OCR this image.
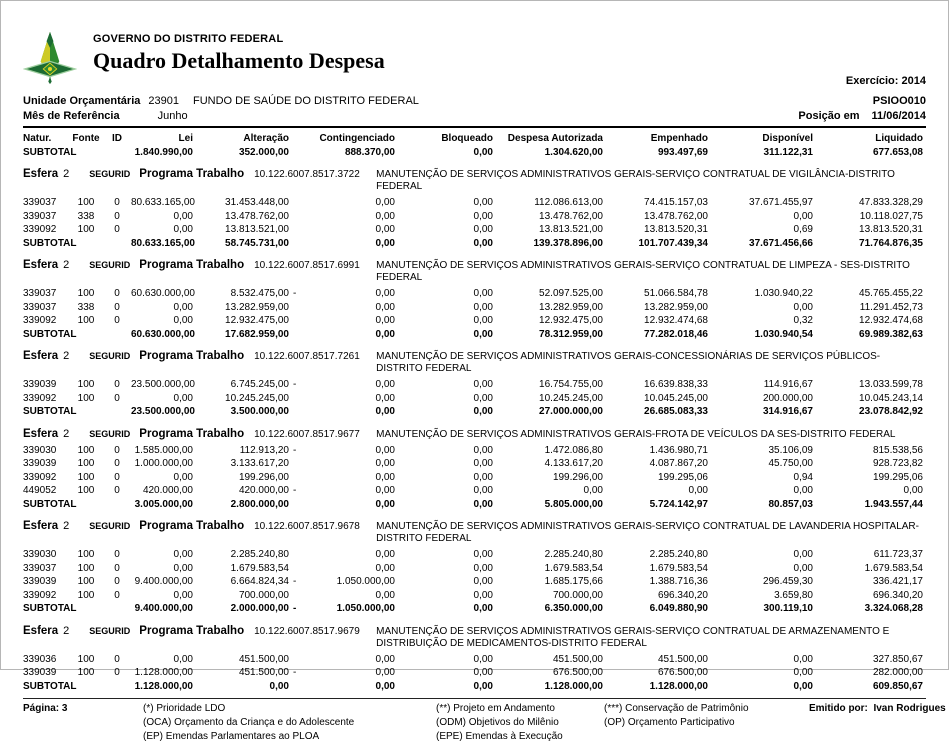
GOVERNO DO DISTRITO FEDERAL
Quadro Detalhamento Despesa
Exercício: 2014
Unidade Orçamentária 23901 FUNDO DE SAÚDE DO DISTRITO FEDERAL	PSIOO010
Mês de Referência	Junho	Posição em 11/06/2014
Natur.	Fonte	ID	Lei	Alteração	Contingenciado	Bloqueado	Despesa Autorizada	Empenhado	Disponível	Liquidado
SUBTOTAL	1.840.990,00	352.000,00	888.370,00	0,00	1.304.620,00	993.497,69	311.122,31	677.653,08
Esfera 2 SEGURID Programa Trabalho 10.122.6007.8517.3722	MANUTENÇÃO DE SERVIÇOS ADMINISTRATIVOS GERAIS-SERVIÇO CONTRATUAL DE VIGILÂNCIA-DISTRITO FEDERAL
339037	100	0	80.633.165,00	31.453.448,00	0,00	0,00	112.086.613,00	74.415.157,03	37.671.455,97	47.833.328,29
339037	338	0	0,00	13.478.762,00	0,00	0,00	13.478.762,00	13.478.762,00	0,00	10.118.027,75
339092	100	0	0,00	13.813.521,00	0,00	0,00	13.813.521,00	13.813.520,31	0,69	13.813.520,31
SUBTOTAL	80.633.165,00	58.745.731,00	0,00	0,00	139.378.896,00	101.707.439,34	37.671.456,66	71.764.876,35
Esfera 2 SEGURID Programa Trabalho 10.122.6007.8517.6991	MANUTENÇÃO DE SERVIÇOS ADMINISTRATIVOS GERAIS-SERVIÇO CONTRATUAL DE LIMPEZA - SES-DISTRITO FEDERAL
339037	100	0	60.630.000,00	8.532.475,00 -	0,00	0,00	52.097.525,00	51.066.584,78	1.030.940,22	45.765.455,22
339037	338	0	0,00	13.282.959,00	0,00	0,00	13.282.959,00	13.282.959,00	0,00	11.291.452,73
339092	100	0	0,00	12.932.475,00	0,00	0,00	12.932.475,00	12.932.474,68	0,32	12.932.474,68
SUBTOTAL	60.630.000,00	17.682.959,00	0,00	0,00	78.312.959,00	77.282.018,46	1.030.940,54	69.989.382,63
Esfera 2 SEGURID Programa Trabalho 10.122.6007.8517.7261	MANUTENÇÃO DE SERVIÇOS ADMINISTRATIVOS GERAIS-CONCESSIONÁRIAS DE SERVIÇOS PÚBLICOS-DISTRITO FEDERAL
339039	100	0	23.500.000,00	6.745.245,00 -	0,00	0,00	16.754.755,00	16.639.838,33	114.916,67	13.033.599,78
339092	100	0	0,00	10.245.245,00	0,00	0,00	10.245.245,00	10.045.245,00	200.000,00	10.045.243,14
SUBTOTAL	23.500.000,00	3.500.000,00	0,00	0,00	27.000.000,00	26.685.083,33	314.916,67	23.078.842,92
Esfera 2 SEGURID Programa Trabalho 10.122.6007.8517.9677	MANUTENÇÃO DE SERVIÇOS ADMINISTRATIVOS GERAIS-FROTA DE VEÍCULOS DA SES-DISTRITO FEDERAL
339030	100	0	1.585.000,00	112.913,20 -	0,00	0,00	1.472.086,80	1.436.980,71	35.106,09	815.538,56
339039	100	0	1.000.000,00	3.133.617,20	0,00	0,00	4.133.617,20	4.087.867,20	45.750,00	928.723,82
339092	100	0	0,00	199.296,00	0,00	0,00	199.296,00	199.295,06	0,94	199.295,06
449052	100	0	420.000,00	420.000,00 -	0,00	0,00	0,00	0,00	0,00	0,00
SUBTOTAL	3.005.000,00	2.800.000,00	0,00	0,00	5.805.000,00	5.724.142,97	80.857,03	1.943.557,44
Esfera 2 SEGURID Programa Trabalho 10.122.6007.8517.9678	MANUTENÇÃO DE SERVIÇOS ADMINISTRATIVOS GERAIS-SERVIÇO CONTRATUAL DE LAVANDERIA HOSPITALAR-DISTRITO FEDERAL
339030	100	0	0,00	2.285.240,80	0,00	0,00	2.285.240,80	2.285.240,80	0,00	611.723,37
339037	100	0	0,00	1.679.583,54	0,00	0,00	1.679.583,54	1.679.583,54	0,00	1.679.583,54
339039	100	0	9.400.000,00	6.664.824,34 -	1.050.000,00	0,00	1.685.175,66	1.388.716,36	296.459,30	336.421,17
339092	100	0	0,00	700.000,00	0,00	0,00	700.000,00	696.340,20	3.659,80	696.340,20
SUBTOTAL	9.400.000,00	2.000.000,00 -	1.050.000,00	0,00	6.350.000,00	6.049.880,90	300.119,10	3.324.068,28
Esfera 2 SEGURID Programa Trabalho 10.122.6007.8517.9679	MANUTENÇÃO DE SERVIÇOS ADMINISTRATIVOS GERAIS-SERVIÇO CONTRATUAL DE ARMAZENAMENTO E DISTRIBUIÇÃO DE MEDICAMENTOS-DISTRITO FEDERAL
339036	100	0	0,00	451.500,00	0,00	0,00	451.500,00	451.500,00	0,00	327.850,67
339039	100	0	1.128.000,00	451.500,00 -	0,00	0,00	676.500,00	676.500,00	0,00	282.000,00
SUBTOTAL	1.128.000,00	0,00	0,00	0,00	1.128.000,00	1.128.000,00	0,00	609.850,67
Página: 3	(*) Prioridade LDO
(OCA) Orçamento da Criança e do Adolescente
(EP) Emendas Parlamentares ao PLOA
(**) Projeto em Andamento
(ODM) Objetivos do Milênio
(EPE) Emendas à Execução
(***) Conservação de Patrimônio
(OP) Orçamento Participativo
Emitido por: Ivan Rodrigues
